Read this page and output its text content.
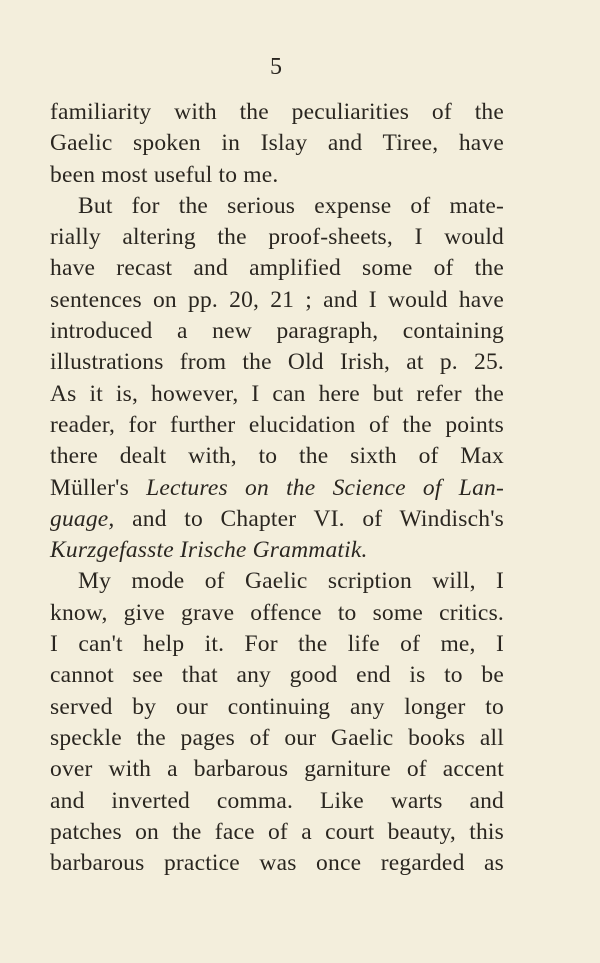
5
familiarity with the peculiarities of the
Gaelic spoken in Islay and Tiree, have
been most useful to me.
But for the serious expense of mate-
rially altering the proof-sheets, I would
have recast and amplified some of the
sentences on pp. 20, 21 ; and I would have
introduced a new paragraph, containing
illustrations from the Old Irish, at p. 25.
As it is, however, I can here but refer the
reader, for further elucidation of the points
there dealt with, to the sixth of Max
Müller's Lectures on the Science of Lan-
guage, and to Chapter VI. of Windisch's
Kurzgefasste Irische Grammatik.
My mode of Gaelic scription will, I
know, give grave offence to some critics.
I can't help it. For the life of me, I
cannot see that any good end is to be
served by our continuing any longer to
speckle the pages of our Gaelic books all
over with a barbarous garniture of accent
and inverted comma. Like warts and
patches on the face of a court beauty, this
barbarous practice was once regarded as
